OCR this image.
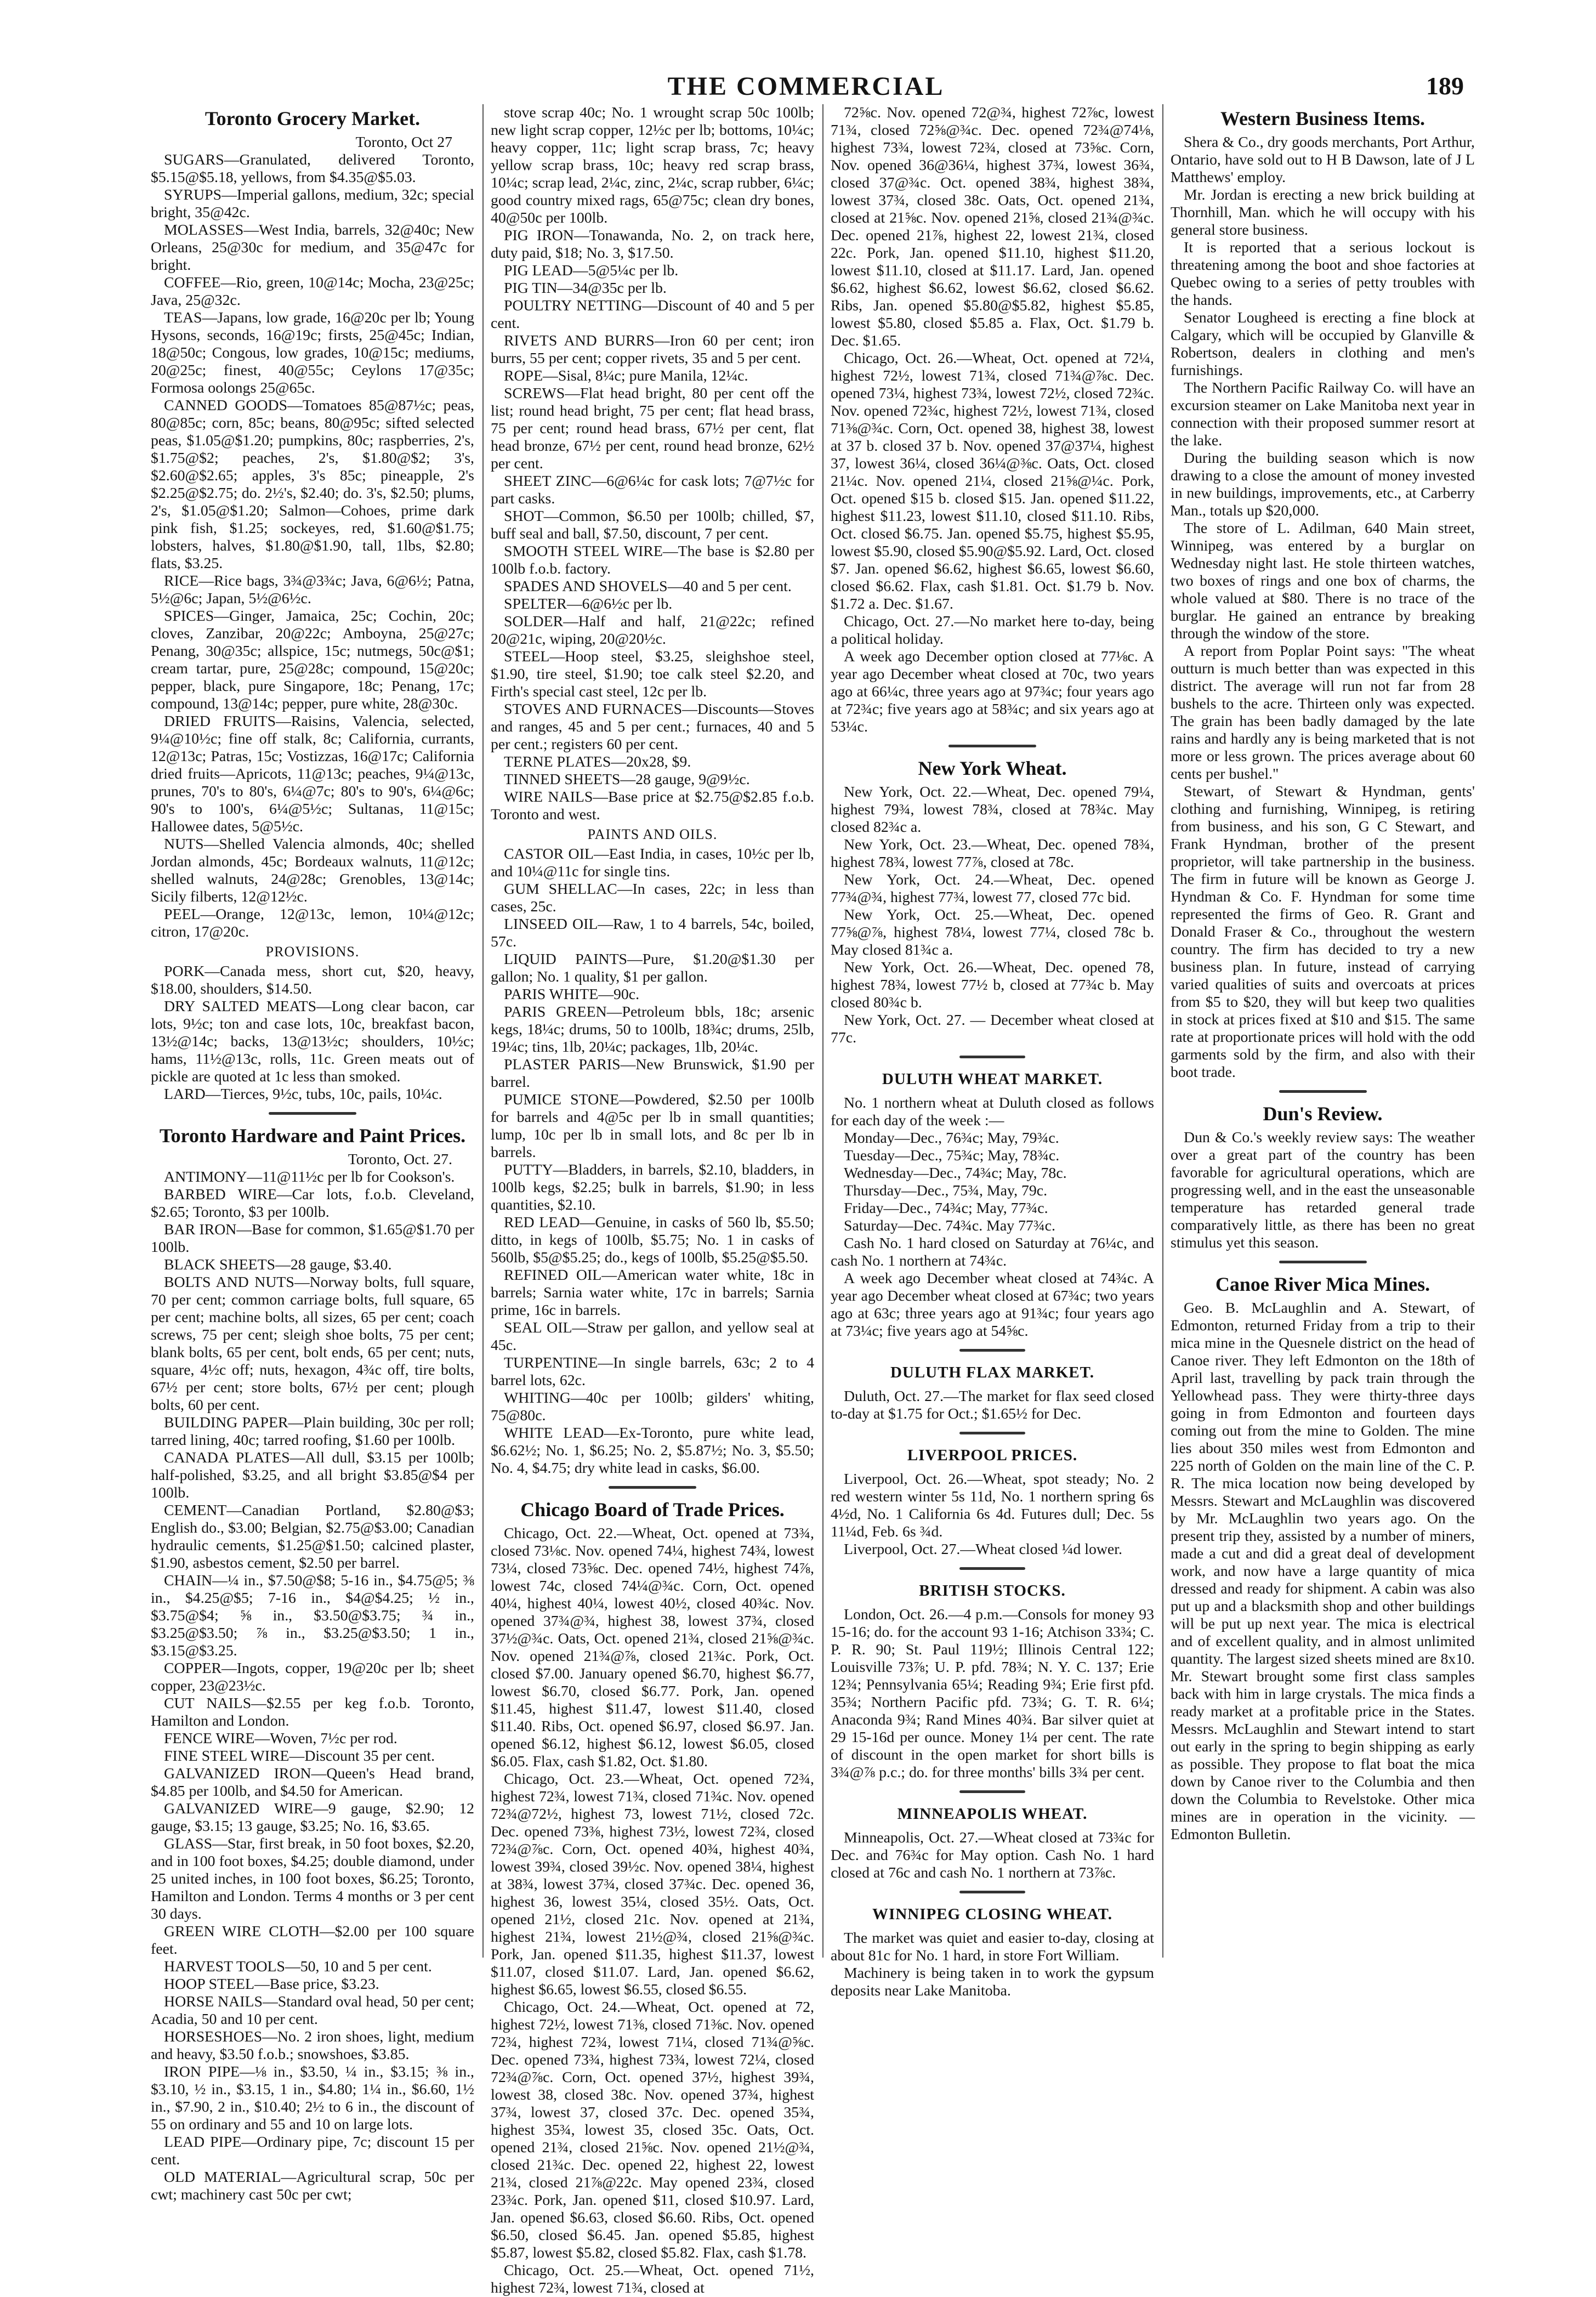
THE COMMERCIAL	189
Toronto Grocery Market.
Toronto, Oct 27
SUGARS—Granulated, delivered Toronto, $5.15@$5.18, yellows, from $4.35@$5.03.
SYRUPS—Imperial gallons, medium, 32c; special bright, 35@42c.
MOLASSES—West India, barrels, 32@40c; New Orleans, 25@30c for medium, and 35@47c for bright.
COFFEE—Rio, green, 10@14c; Mocha, 23@25c; Java, 25@32c.
TEAS—Japans, low grade, 16@20c per lb; Young Hysons, seconds, 16@19c; firsts, 25@45c; Indian, 18@50c; Congous, low grades, 10@15c; mediums, 20@25c; finest, 40@55c; Ceylons 17@35c; Formosa oolongs 25@65c.
CANNED GOODS—Tomatoes 85@87½c; peas, 80@85c; corn, 85c; beans, 80@95c; sifted selected peas, $1.05@$1.20; pumpkins, 80c; raspberries, 2's, $1.75@$2; peaches, 2's, $1.80@$2; 3's, $2.60@$2.65; apples, 3's 85c; pineapple, 2's $2.25@$2.75; do. 2½'s, $2.40; do. 3's, $2.50; plums, 2's, $1.05@$1.20; Salmon—Cohoes, prime dark pink fish, $1.25; sockeyes, red, $1.60@$1.75; lobsters, halves, $1.80@$1.90, tall, 1lbs, $2.80; flats, $3.25.
RICE—Rice bags, 3¾@3¾c; Java, 6@6½; Patna, 5½@6c; Japan, 5½@6½c.
SPICES—Ginger, Jamaica, 25c; Cochin, 20c; cloves, Zanzibar, 20@22c; Amboyna, 25@27c; Penang, 30@35c; allspice, 15c; nutmegs, 50c@$1; cream tartar, pure, 25@28c; compound, 15@20c; pepper, black, pure Singapore, 18c; Penang, 17c; compound, 13@14c; pepper, pure white, 28@30c.
DRIED FRUITS—Raisins, Valencia, selected, 9¼@10½c; fine off stalk, 8c; California, currants, 12@13c; Patras, 15c; Vostizzas, 16@17c; California dried fruits—Apricots, 11@13c; peaches, 9¼@13c, prunes, 70's to 80's, 6¼@7c; 80's to 90's, 6¼@6c; 90's to 100's, 6¼@5½c; Sultanas, 11@15c; Hallowee dates, 5@5½c.
NUTS—Shelled Valencia almonds, 40c; shelled Jordan almonds, 45c; Bordeaux walnuts, 11@12c; shelled walnuts, 24@28c; Grenobles, 13@14c; Sicily filberts, 12@12½c.
PEEL—Orange, 12@13c, lemon, 10¼@12c; citron, 17@20c.
PROVISIONS.
PORK—Canada mess, short cut, $20, heavy, $18.00, shoulders, $14.50.
DRY SALTED MEATS—Long clear bacon, car lots, 9½c; ton and case lots, 10c, breakfast bacon, 13½@14c; backs, 13@13½c; shoulders, 10½c; hams, 11½@13c, rolls, 11c. Green meats out of pickle are quoted at 1c less than smoked.
LARD—Tierces, 9½c, tubs, 10c, pails, 10¼c.
Toronto Hardware and Paint Prices.
Toronto, Oct. 27.
ANTIMONY—11@11½c per lb for Cookson's.
BARBED WIRE—Car lots, f.o.b. Cleveland, $2.65; Toronto, $3 per 100lb.
BAR IRON—Base for common, $1.65@$1.70 per 100lb.
BLACK SHEETS—28 gauge, $3.40.
BOLTS AND NUTS—Norway bolts, full square, 70 per cent; common carriage bolts, full square, 65 per cent; machine bolts, all sizes, 65 per cent; coach screws, 75 per cent; sleigh shoe bolts, 75 per cent; blank bolts, 65 per cent, bolt ends, 65 per cent; nuts, square, 4½c off; nuts, hexagon, 4¾c off, tire bolts, 67½ per cent; store bolts, 67½ per cent; plough bolts, 60 per cent.
BUILDING PAPER—Plain building, 30c per roll; tarred lining, 40c; tarred roofing, $1.60 per 100lb.
CANADA PLATES—All dull, $3.15 per 100lb; half-polished, $3.25, and all bright $3.85@$4 per 100lb.
CEMENT—Canadian Portland, $2.80@$3; English do., $3.00; Belgian, $2.75@$3.00; Canadian hydraulic cements, $1.25@$1.50; calcined plaster, $1.90, asbestos cement, $2.50 per barrel.
CHAIN—¼ in., $7.50@$8; 5-16 in., $4.75@5; ⅜ in., $4.25@$5; 7-16 in., $4@$4.25; ½ in., $3.75@$4; ⅝ in., $3.50@$3.75; ¾ in., $3.25@$3.50; ⅞ in., $3.25@$3.50; 1 in., $3.15@$3.25.
COPPER—Ingots, copper, 19@20c per lb; sheet copper, 23@23½c.
CUT NAILS—$2.55 per keg f.o.b. Toronto, Hamilton and London.
FENCE WIRE—Woven, 7½c per rod.
FINE STEEL WIRE—Discount 35 per cent.
GALVANIZED IRON—Queen's Head brand, $4.85 per 100lb, and $4.50 for American.
GALVANIZED WIRE—9 gauge, $2.90; 12 gauge, $3.15; 13 gauge, $3.25; No. 16, $3.65.
GLASS—Star, first break, in 50 foot boxes, $2.20, and in 100 foot boxes, $4.25; double diamond, under 25 united inches, in 100 foot boxes, $6.25; Toronto, Hamilton and London. Terms 4 months or 3 per cent 30 days.
GREEN WIRE CLOTH—$2.00 per 100 square feet.
HARVEST TOOLS—50, 10 and 5 per cent.
HOOP STEEL—Base price, $3.23.
HORSE NAILS—Standard oval head, 50 per cent; Acadia, 50 and 10 per cent.
HORSESHOES—No. 2 iron shoes, light, medium and heavy, $3.50 f.o.b.; snowshoes, $3.85.
IRON PIPE—⅛ in., $3.50, ¼ in., $3.15; ⅜ in., $3.10, ½ in., $3.15, 1 in., $4.80; 1¼ in., $6.60, 1½ in., $7.90, 2 in., $10.40; 2½ to 6 in., the discount of 55 on ordinary and 55 and 10 on large lots.
LEAD PIPE—Ordinary pipe, 7c; discount 15 per cent.
OLD MATERIAL—Agricultural scrap, 50c per cwt; machinery cast 50c per cwt;
stove scrap 40c; No. 1 wrought scrap 50c 100lb; new light scrap copper, 12½c per lb; bottoms, 10¼c; heavy copper, 11c; light scrap brass, 7c; heavy yellow scrap brass, 10c; heavy red scrap brass, 10¼c; scrap lead, 2¼c, zinc, 2¼c, scrap rubber, 6¼c; good country mixed rags, 65@75c; clean dry bones, 40@50c per 100lb.
PIG IRON—Tonawanda, No. 2, on track here, duty paid, $18; No. 3, $17.50.
PIG LEAD—5@5¼c per lb.
PIG TIN—34@35c per lb.
POULTRY NETTING—Discount of 40 and 5 per cent.
RIVETS AND BURRS—Iron 60 per cent; iron burrs, 55 per cent; copper rivets, 35 and 5 per cent.
ROPE—Sisal, 8¼c; pure Manila, 12¼c.
SCREWS—Flat head bright, 80 per cent off the list; round head bright, 75 per cent; flat head brass, 75 per cent; round head brass, 67½ per cent, flat head bronze, 67½ per cent, round head bronze, 62½ per cent.
SHEET ZINC—6@6¼c for cask lots; 7@7½c for part casks.
SHOT—Common, $6.50 per 100lb; chilled, $7, buff seal and ball, $7.50, discount, 7 per cent.
SMOOTH STEEL WIRE—The base is $2.80 per 100lb f.o.b. factory.
SPADES AND SHOVELS—40 and 5 per cent.
SPELTER—6@6½c per lb.
SOLDER—Half and half, 21@22c; refined 20@21c, wiping, 20@20½c.
STEEL—Hoop steel, $3.25, sleighshoe steel, $1.90, tire steel, $1.90; toe calk steel $2.20, and Firth's special cast steel, 12c per lb.
STOVES AND FURNACES—Discounts—Stoves and ranges, 45 and 5 per cent.; furnaces, 40 and 5 per cent.; registers 60 per cent.
TERNE PLATES—20x28, $9.
TINNED SHEETS—28 gauge, 9@9½c.
WIRE NAILS—Base price at $2.75@$2.85 f.o.b. Toronto and west.
PAINTS AND OILS.
CASTOR OIL—East India, in cases, 10½c per lb, and 10¼@11c for single tins.
GUM SHELLAC—In cases, 22c; in less than cases, 25c.
LINSEED OIL—Raw, 1 to 4 barrels, 54c, boiled, 57c.
LIQUID PAINTS—Pure, $1.20@$1.30 per gallon; No. 1 quality, $1 per gallon.
PARIS WHITE—90c.
PARIS GREEN—Petroleum bbls, 18c; arsenic kegs, 18¼c; drums, 50 to 100lb, 18¾c; drums, 25lb, 19¼c; tins, 1lb, 20¼c; packages, 1lb, 20¼c.
PLASTER PARIS—New Brunswick, $1.90 per barrel.
PUMICE STONE—Powdered, $2.50 per 100lb for barrels and 4@5c per lb in small quantities; lump, 10c per lb in small lots, and 8c per lb in barrels.
PUTTY—Bladders, in barrels, $2.10, bladders, in 100lb kegs, $2.25; bulk in barrels, $1.90; in less quantities, $2.10.
RED LEAD—Genuine, in casks of 560 lb, $5.50; ditto, in kegs of 100lb, $5.75; No. 1 in casks of 560lb, $5@$5.25; do., kegs of 100lb, $5.25@$5.50.
REFINED OIL—American water white, 18c in barrels; Sarnia water white, 17c in barrels; Sarnia prime, 16c in barrels.
SEAL OIL—Straw per gallon, and yellow seal at 45c.
TURPENTINE—In single barrels, 63c; 2 to 4 barrel lots, 62c.
WHITING—40c per 100lb; gilders' whiting, 75@80c.
WHITE LEAD—Ex-Toronto, pure white lead, $6.62½; No. 1, $6.25; No. 2, $5.87½; No. 3, $5.50; No. 4, $4.75; dry white lead in casks, $6.00.
Chicago Board of Trade Prices.
Chicago, Oct. 22.—Wheat, Oct. opened at 73¾, closed 73⅛c. Nov. opened 74¼, highest 74¾, lowest 73¼, closed 73⅝c. Dec. opened 74½, highest 74⅞, lowest 74c, closed 74¼@¾c. Corn, Oct. opened 40¼, highest 40¼, lowest 40½, closed 40¾c. Nov. opened 37¾@¾, highest 38, lowest 37¾, closed 37½@¾c. Oats, Oct. opened 21¾, closed 21⅝@¾c. Nov. opened 21¾@⅞, closed 21¾c. Pork, Oct. closed $7.00. January opened $6.70, highest $6.77, lowest $6.70, closed $6.77. Pork, Jan. opened $11.45, highest $11.47, lowest $11.40, closed $11.40. Ribs, Oct. opened $6.97, closed $6.97. Jan. opened $6.12, highest $6.12, lowest $6.05, closed $6.05. Flax, cash $1.82, Oct. $1.80.
Chicago, Oct. 23.—Wheat, Oct. opened 72¾, highest 72¾, lowest 71¾, closed 71¾c. Nov. opened 72¾@72½, highest 73, lowest 71½, closed 72c. Dec. opened 73⅜, highest 73½, lowest 72¾, closed 72¾@⅞c. Corn, Oct. opened 40¾, highest 40¾, lowest 39¾, closed 39½c. Nov. opened 38¼, highest at 38¾, lowest 37¾, closed 37¾c. Dec. opened 36, highest 36, lowest 35¼, closed 35½. Oats, Oct. opened 21½, closed 21c. Nov. opened at 21¾, highest 21¾, lowest 21½@¾, closed 21⅝@¾c. Pork, Jan. opened $11.35, highest $11.37, lowest $11.07, closed $11.07. Lard, Jan. opened $6.62, highest $6.65, lowest $6.55, closed $6.55.
Chicago, Oct. 24.—Wheat, Oct. opened at 72, highest 72½, lowest 71⅜, closed 71⅜c. Nov. opened 72¾, highest 72¾, lowest 71¼, closed 71¾@⅝c. Dec. opened 73¾, highest 73¾, lowest 72¼, closed 72¾@⅞c. Corn, Oct. opened 37½, highest 39¾, lowest 38, closed 38c. Nov. opened 37¾, highest 37¾, lowest 37, closed 37c. Dec. opened 35¾, highest 35¾, lowest 35, closed 35c. Oats, Oct. opened 21¾, closed 21⅝c. Nov. opened 21½@¾, closed 21¾c. Dec. opened 22, highest 22, lowest 21¾, closed 21⅞@22c. May opened 23¾, closed 23¾c. Pork, Jan. opened $11, closed $10.97. Lard, Jan. opened $6.63, closed $6.60. Ribs, Oct. opened $6.50, closed $6.45. Jan. opened $5.85, highest $5.87, lowest $5.82, closed $5.82. Flax, cash $1.78.
Chicago, Oct. 25.—Wheat, Oct. opened 71½, highest 72¾, lowest 71¾, closed at
72⅝c. Nov. opened 72@¾, highest 72⅞c, lowest 71¾, closed 72⅝@¾c. Dec. opened 72¾@74⅛, highest 73¾, lowest 72¾, closed at 73⅝c. Corn, Nov. opened 36@36¼, highest 37¾, lowest 36¾, closed 37@¾c. Oct. opened 38¾, highest 38¾, lowest 37¾, closed 38c. Oats, Oct. opened 21¾, closed at 21⅝c. Nov. opened 21⅝, closed 21¾@¾c. Dec. opened 21⅞, highest 22, lowest 21¾, closed 22c. Pork, Jan. opened $11.10, highest $11.20, lowest $11.10, closed at $11.17. Lard, Jan. opened $6.62, highest $6.62, lowest $6.62, closed $6.62. Ribs, Jan. opened $5.80@$5.82, highest $5.85, lowest $5.80, closed $5.85 a. Flax, Oct. $1.79 b. Dec. $1.65.
Chicago, Oct. 26.—Wheat, Oct. opened at 72¼, highest 72½, lowest 71¾, closed 71¾@⅞c. Dec. opened 73¼, highest 73¾, lowest 72½, closed 72¾c. Nov. opened 72¾c, highest 72½, lowest 71¾, closed 71⅜@¾c. Corn, Oct. opened 38, highest 38, lowest at 37 b. closed 37 b. Nov. opened 37@37¼, highest 37, lowest 36¼, closed 36¼@⅜c. Oats, Oct. closed 21¼c. Nov. opened 21¼, closed 21⅝@¼c. Pork, Oct. opened $15 b. closed $15. Jan. opened $11.22, highest $11.23, lowest $11.10, closed $11.10. Ribs, Oct. closed $6.75. Jan. opened $5.75, highest $5.95, lowest $5.90, closed $5.90@$5.92. Lard, Oct. closed $7. Jan. opened $6.62, highest $6.65, lowest $6.60, closed $6.62. Flax, cash $1.81. Oct. $1.79 b. Nov. $1.72 a. Dec. $1.67.
Chicago, Oct. 27.—No market here to-day, being a political holiday.
A week ago December option closed at 77⅛c. A year ago December wheat closed at 70c, two years ago at 66¼c, three years ago at 97¾c; four years ago at 72¾c; five years ago at 58¾c; and six years ago at 53¼c.
New York Wheat.
New York, Oct. 22.—Wheat, Dec. opened 79¼, highest 79¾, lowest 78¾, closed at 78¾c. May closed 82¾c a.
New York, Oct. 23.—Wheat, Dec. opened 78¾, highest 78¾, lowest 77⅞, closed at 78c.
New York, Oct. 24.—Wheat, Dec. opened 77¾@¾, highest 77¾, lowest 77, closed 77c bid.
New York, Oct. 25.—Wheat, Dec. opened 77⅝@⅞, highest 78¼, lowest 77¼, closed 78c b. May closed 81¾c a.
New York, Oct. 26.—Wheat, Dec. opened 78, highest 78¾, lowest 77½ b, closed at 77¾c b. May closed 80¾c b.
New York, Oct. 27. — December wheat closed at 77c.
DULUTH WHEAT MARKET.
No. 1 northern wheat at Duluth closed as follows for each day of the week :—
Monday—Dec., 76¾c; May, 79¾c.
Tuesday—Dec., 75¾c; May, 78¾c.
Wednesday—Dec., 74¾c; May, 78c.
Thursday—Dec., 75¾, May, 79c.
Friday—Dec., 74¾c; May, 77¾c.
Saturday—Dec. 74¾c. May 77¾c.
Cash No. 1 hard closed on Saturday at 76¼c, and cash No. 1 northern at 74¾c.
A week ago December wheat closed at 74¾c. A year ago December wheat closed at 67¾c; two years ago at 63c; three years ago at 91¾c; four years ago at 73¼c; five years ago at 54⅝c.
DULUTH FLAX MARKET.
Duluth, Oct. 27.—The market for flax seed closed to-day at $1.75 for Oct.; $1.65½ for Dec.
LIVERPOOL PRICES.
Liverpool, Oct. 26.—Wheat, spot steady; No. 2 red western winter 5s 11d, No. 1 northern spring 6s 4½d, No. 1 California 6s 4d. Futures dull; Dec. 5s 11¼d, Feb. 6s ¾d.
Liverpool, Oct. 27.—Wheat closed ¼d lower.
BRITISH STOCKS.
London, Oct. 26.—4 p.m.—Consols for money 93 15-16; do. for the account 93 1-16; Atchison 33¾; C. P. R. 90; St. Paul 119½; Illinois Central 122; Louisville 73⅞; U. P. pfd. 78¾; N. Y. C. 137; Erie 12¾; Pennsylvania 65¼; Reading 9¾; Erie first pfd. 35¾; Northern Pacific pfd. 73¾; G. T. R. 6¼; Anaconda 9¾; Rand Mines 40¾. Bar silver quiet at 29 15-16d per ounce. Money 1¼ per cent. The rate of discount in the open market for short bills is 3¾@⅞ p.c.; do. for three months' bills 3¾ per cent.
MINNEAPOLIS WHEAT.
Minneapolis, Oct. 27.—Wheat closed at 73¾c for Dec. and 76¾c for May option. Cash No. 1 hard closed at 76c and cash No. 1 northern at 73⅞c.
WINNIPEG CLOSING WHEAT.
The market was quiet and easier to-day, closing at about 81c for No. 1 hard, in store Fort William.
Machinery is being taken in to work the gypsum deposits near Lake Manitoba.
Western Business Items.
Shera & Co., dry goods merchants, Port Arthur, Ontario, have sold out to H B Dawson, late of J L Matthews' employ.
Mr. Jordan is erecting a new brick building at Thornhill, Man. which he will occupy with his general store business.
It is reported that a serious lockout is threatening among the boot and shoe factories at Quebec owing to a series of petty troubles with the hands.
Senator Lougheed is erecting a fine block at Calgary, which will be occupied by Glanville & Robertson, dealers in clothing and men's furnishings.
The Northern Pacific Railway Co. will have an excursion steamer on Lake Manitoba next year in connection with their proposed summer resort at the lake.
During the building season which is now drawing to a close the amount of money invested in new buildings, improvements, etc., at Carberry Man., totals up $20,000.
The store of L. Adilman, 640 Main street, Winnipeg, was entered by a burglar on Wednesday night last. He stole thirteen watches, two boxes of rings and one box of charms, the whole valued at $80. There is no trace of the burglar. He gained an entrance by breaking through the window of the store.
A report from Poplar Point says: "The wheat outturn is much better than was expected in this district. The average will run not far from 28 bushels to the acre. Thirteen only was expected. The grain has been badly damaged by the late rains and hardly any is being marketed that is not more or less grown. The prices average about 60 cents per bushel."
Stewart, of Stewart & Hyndman, gents' clothing and furnishing, Winnipeg, is retiring from business, and his son, G C Stewart, and Frank Hyndman, brother of the present proprietor, will take partnership in the business. The firm in future will be known as George J. Hyndman & Co. F. Hyndman for some time represented the firms of Geo. R. Grant and Donald Fraser & Co., throughout the western country. The firm has decided to try a new business plan. In future, instead of carrying varied qualities of suits and overcoats at prices from $5 to $20, they will but keep two qualities in stock at prices fixed at $10 and $15. The same rate at proportionate prices will hold with the odd garments sold by the firm, and also with their boot trade.
Dun's Review.
Dun & Co.'s weekly review says: The weather over a great part of the country has been favorable for agricultural operations, which are progressing well, and in the east the unseasonable temperature has retarded general trade comparatively little, as there has been no great stimulus yet this season.
Canoe River Mica Mines.
Geo. B. McLaughlin and A. Stewart, of Edmonton, returned Friday from a trip to their mica mine in the Quesnele district on the head of Canoe river. They left Edmonton on the 18th of April last, travelling by pack train through the Yellowhead pass. They were thirty-three days going in from Edmonton and fourteen days coming out from the mine to Golden. The mine lies about 350 miles west from Edmonton and 225 north of Golden on the main line of the C. P. R. The mica location now being developed by Messrs. Stewart and McLaughlin was discovered by Mr. McLaughlin two years ago. On the present trip they, assisted by a number of miners, made a cut and did a great deal of development work, and now have a large quantity of mica dressed and ready for shipment. A cabin was also put up and a blacksmith shop and other buildings will be put up next year. The mica is electrical and of excellent quality, and in almost unlimited quantity. The largest sized sheets mined are 8x10. Mr. Stewart brought some first class samples back with him in large crystals. The mica finds a ready market at a profitable price in the States. Messrs. McLaughlin and Stewart intend to start out early in the spring to begin shipping as early as possible. They propose to flat boat the mica down by Canoe river to the Columbia and then down the Columbia to Revelstoke. Other mica mines are in operation in the vicinity. —Edmonton Bulletin.
